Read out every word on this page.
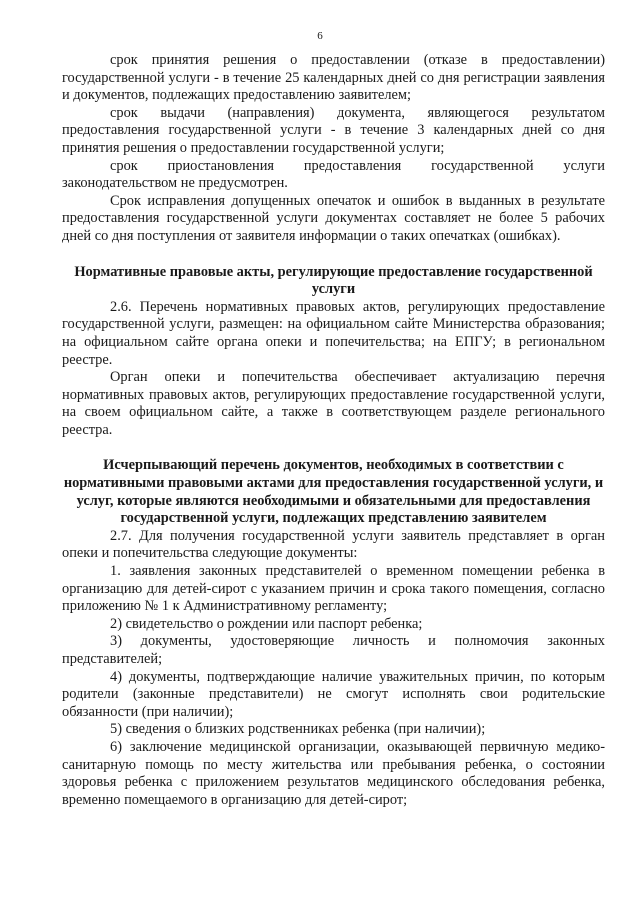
6

срок принятия решения о предоставлении (отказе в предоставлении) государственной услуги - в течение 25 календарных дней со дня регистрации заявления и документов, подлежащих предоставлению заявителем;

срок выдачи (направления) документа, являющегося результатом предоставления государственной услуги - в течение 3 календарных дней со дня принятия решения о предоставлении государственной услуги;

срок приостановления предоставления государственной услуги законодательством не предусмотрен.

Срок исправления допущенных опечаток и ошибок в выданных в результате предоставления государственной услуги документах составляет не более 5 рабочих дней со дня поступления от заявителя информации о таких опечатках (ошибках).

Нормативные правовые акты, регулирующие предоставление государственной услуги

2.6. Перечень нормативных правовых актов, регулирующих предоставление государственной услуги, размещен: на официальном сайте Министерства образования; на официальном сайте органа опеки и попечительства; на ЕПГУ; в региональном реестре.

Орган опеки и попечительства обеспечивает актуализацию перечня нормативных правовых актов, регулирующих предоставление государственной услуги, на своем официальном сайте, а также в соответствующем разделе регионального реестра.

Исчерпывающий перечень документов, необходимых в соответствии с нормативными правовыми актами для предоставления государственной услуги, и услуг, которые являются необходимыми и обязательными для предоставления государственной услуги, подлежащих представлению заявителем

2.7. Для получения государственной услуги заявитель представляет в орган опеки и попечительства следующие документы:

1. заявления законных представителей о временном помещении ребенка в организацию для детей-сирот с указанием причин и срока такого помещения, согласно приложению № 1 к Административному регламенту;

2) свидетельство о рождении или паспорт ребенка;

3) документы, удостоверяющие личность и полномочия законных представителей;

4) документы, подтверждающие наличие уважительных причин, по которым родители (законные представители) не смогут исполнять свои родительские обязанности (при наличии);

5) сведения о близких родственниках ребенка (при наличии);

6) заключение медицинской организации, оказывающей первичную медико-санитарную помощь по месту жительства или пребывания ребенка, о состоянии здоровья ребенка с приложением результатов медицинского обследования ребенка, временно помещаемого в организацию для детей-сирот;
